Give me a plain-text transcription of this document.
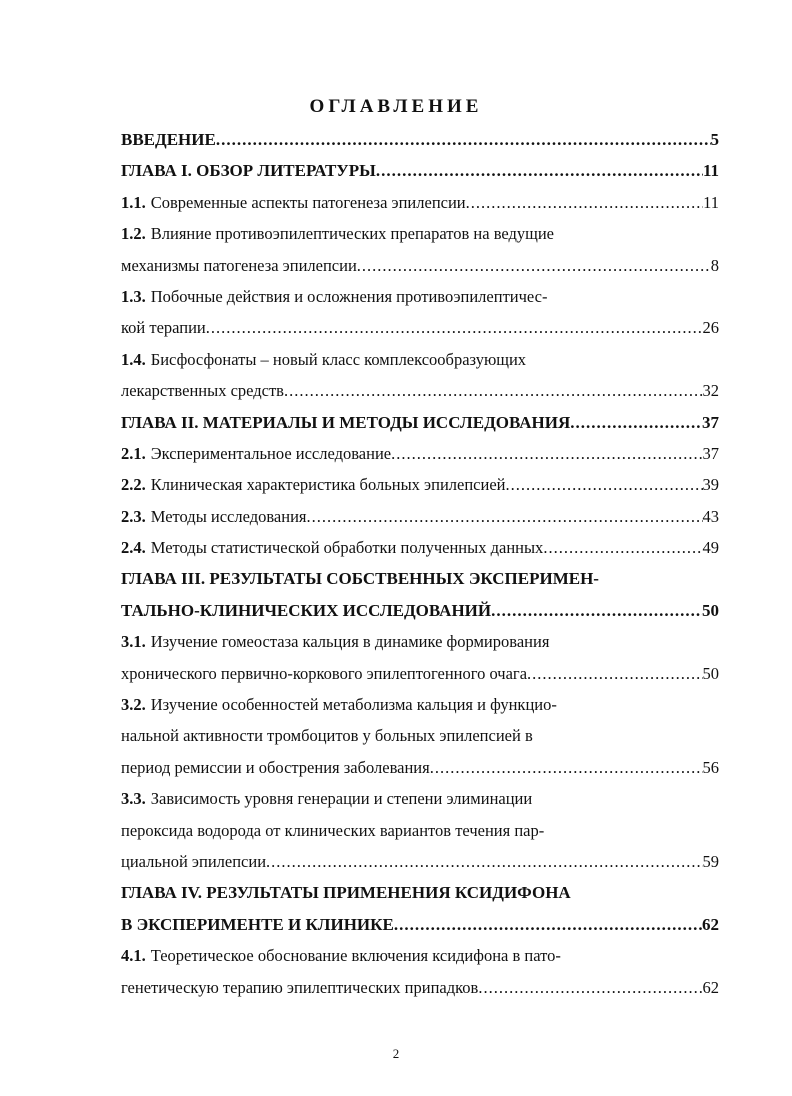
ОГЛАВЛЕНИЕ
ВВЕДЕНИЕ .....	5
ГЛАВА I. ОБЗОР ЛИТЕРАТУРЫ .....	11
1.1. Современные аспекты патогенеза эпилепсии .....	11
1.2. Влияние противоэпилептических препаратов на ведущие
механизмы патогенеза эпилепсии .....	8
1.3. Побочные действия и осложнения противоэпилептичес-
кой терапии .....	26
1.4. Бисфосфонаты – новый класс комплексообразующих
лекарственных средств .....	32
ГЛАВА II. МАТЕРИАЛЫ И МЕТОДЫ ИССЛЕДОВАНИЯ .....	37
2.1. Экспериментальное исследование .....	37
2.2. Клиническая характеристика больных эпилепсией .....	39
2.3. Методы исследования .....	43
2.4. Методы статистической обработки полученных данных .....	49
ГЛАВА III. РЕЗУЛЬТАТЫ СОБСТВЕННЫХ ЭКСПЕРИМЕН-
ТАЛЬНО-КЛИНИЧЕСКИХ ИССЛЕДОВАНИЙ .....	50
3.1. Изучение гомеостаза кальция в динамике формирования
хронического первично-коркового эпилептогенного очага .....	50
3.2. Изучение особенностей метаболизма кальция и функцио-
нальной активности тромбоцитов у больных эпилепсией в
период ремиссии и обострения заболевания .....	56
3.3. Зависимость уровня генерации и степени элиминации
пероксида водорода от клинических вариантов течения пар-
циальной эпилепсии .....	59
ГЛАВА IV. РЕЗУЛЬТАТЫ ПРИМЕНЕНИЯ КСИДИФОНА
В ЭКСПЕРИМЕНТЕ И КЛИНИКЕ .....	62
4.1. Теоретическое обоснование включения ксидифона в пато-
генетическую терапию эпилептических припадков .....	62
2
